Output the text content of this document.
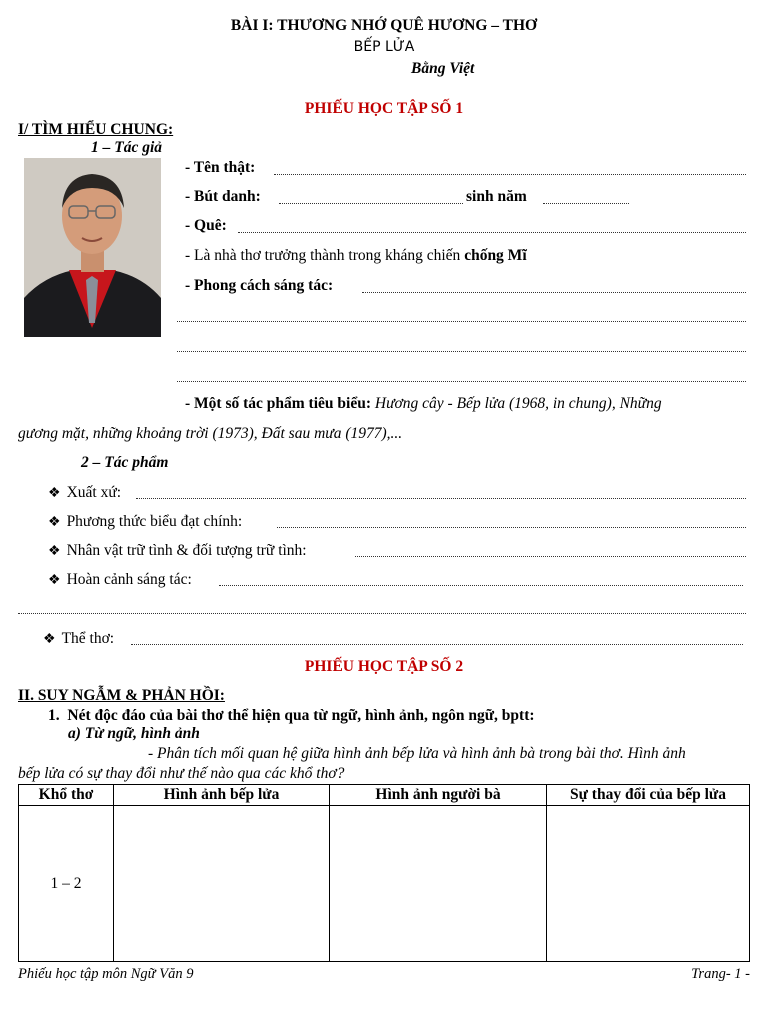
BÀI I: THƯƠNG NHỚ QUÊ HƯƠNG – THƠ
BẾP LỬA
Bằng Việt
PHIẾU HỌC TẬP SỐ 1
I/ TÌM HIỂU CHUNG:
1 – Tác giả
- Tên thật:
- Bút danh:	sinh năm
- Quê:
- Là nhà thơ trưởng thành trong kháng chiến chống Mĩ
- Phong cách sáng tác:
- Một số tác phẩm tiêu biểu: Hương cây - Bếp lửa (1968, in chung), Những
gương mặt, những khoảng trời (1973), Đất sau mưa (1977),...
2 – Tác phẩm
❖ Xuất xứ:
❖ Phương thức biểu đạt chính:
❖ Nhân vật trữ tình & đối tượng trữ tình:
❖ Hoàn cảnh sáng tác:
❖ Thể thơ:
PHIẾU HỌC TẬP SỐ 2
II. SUY NGẪM & PHẢN HỒI:
1.  Nét độc đáo của bài thơ thể hiện qua từ ngữ, hình ảnh, ngôn ngữ, bptt:
a) Từ ngữ, hình ảnh
- Phân tích mối quan hệ giữa hình ảnh bếp lửa và hình ảnh bà trong bài thơ. Hình ảnh
bếp lửa có sự thay đổi như thế nào qua các khổ thơ?
Khổ thơ	Hình ảnh bếp lửa	Hình ảnh người bà	Sự thay đổi của bếp lửa
1 – 2			
Phiếu học tập môn Ngữ Văn 9	Trang- 1 -
